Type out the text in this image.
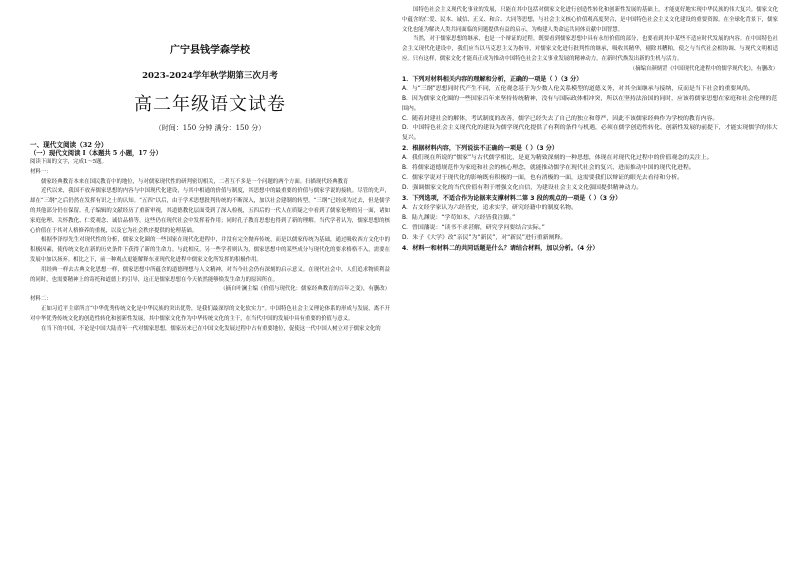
广宁县钱学森学校
2023-2024学年秋学期第三次月考
高二年级语文试卷
（时间：150 分钟 满分：150 分）
一、现代文阅读（32 分）
（一）现代文阅读 I（本题共 5 小题，17 分）

阅读下面的文字，完成1～5题。

材料一：

儒家经典教育本来在国民教育中的地位，与对儒家现代性的研判密切相关，二者互不多是一个问题的两个方面。扫描现代经典教育

近代以来，我国不放弃儒家思想的内容与中国现代化建设，与其中相通的价值与制度，其思想中的最重要的价值与儒家学说的接轨。尽管的先声，却在“三纲”之后仍然在发挥有识之士的认知。“五四”以后，由于学术思想批判传统的不断深入，加以社会建制的转型，“三纲”已经成为过去，但是儒学的其他部分仍在保留。孔子编辑的文献经历了重新审视，其道德教化层面受到了深入检视，五四后的一代人在质疑之中看到了儒家伦理的另一面，诸如家庭伦理、关怀教化、仁爱观念、诚信品格等，这些仍在现代社会中发挥着作用；同时孔子教育思想也得到了新的理解。当代学者认为，儒家思想的核心价值在于其对人格修养的重视，以及它为社会秩序提供的伦理基础。

根据李泽厚先生对现代性的分析，儒家文化圈的一些国家在现代化进程中，并没有完全抛弃传统，而是以儒家传统为基础，通过吸收西方文化中的积极因素，使传统文化在新的历史条件下获得了新的生命力。与此相反，另一些学者则认为，儒家思想中的某些成分与现代化的要求格格不入，需要在发展中加以扬弃。相比之下，前一种观点更能解释东亚现代化进程中儒家文化所发挥的积极作用。

用经典一样去古典文化思想一样，儒家思想中所蕴含的道德理想与人文精神，对当今社会仍有深刻的启示意义。在现代社会中，人们追求物质利益的同时，也需要精神上的寄托和道德上的引导，这正是儒家思想在今天依然能够焕发生命力的原因所在。

（摘自叶澜主编《价值与现代化：儒家经典教育的百年之变》，有删改）

材料二：

正如习近平主席所言“中华优秀传统文化是中华民族的突出优势，是我们最深厚的文化软实力”。中国特色社会主义理论体系的形成与发展，离不开对中华优秀传统文化的创造性转化和创新性发展，其中儒家文化作为中华传统文化的主干，在当代中国的发展中具有重要的价值与意义。

在当下的中国，不论是中国大陆青年一代对儒家思想，儒家历来已在中国文化发展过程中占有重要地位，促使这一代中国人树立对于儒家文化的

国特色社会主义现代化事业的发展，只能在其中包括对儒家文化进行创造性转化和创新性发展的基础上，才能更好地实现中华民族的伟大复兴。儒家文化中蕴含的仁爱、民本、诚信、正义、和合、大同等思想，与社会主义核心价值观高度契合，是中国特色社会主义文化建设的重要资源。在全球化背景下，儒家文化也能为解决人类共同面临的问题提供有益的启示，为构建人类命运共同体贡献中国智慧。

当然，对于儒家思想的继承，也是一个辩证的过程。既要看到儒家思想中具有永恒价值的部分，也要看到其中某些不适应时代发展的内容。在中国特色社会主义现代化建设中，我们应当以马克思主义为指导，对儒家文化进行批判性的继承，吸收其精华，剔除其糟粕，使之与当代社会相协调、与现代文明相适应。只有这样，儒家文化才能真正成为推动中国特色社会主义事业发展的精神动力，在新时代焕发出新的生机与活力。

（摘编自颜炳罡《中国现代化进程中的儒学现代化》，有删改）

1．下列对材料相关内容的理解和分析，正确的一项是（ ）（3 分）

A．与“三纲”思想同时代产生不同，五伦观念基于为少数人伦关系模型的道德义务，对其全面继承与接纳，反而是当下社会的重要风尚。

B．因为儒家文化圈的一些国家百年来坚持传统精神，没有与国际政体相冲突，所以在坚持法治国的同时，应该将儒家思想在家庭和社会伦理的范围内。

C．随着封建社会的解体，考试制度的改善，儒学已经失去了自己的独立和尊严，因此不该儒家经典作为学校的教育内容。

D．中国特色社会主义现代化的建设为儒学现代化提供了有利的条件与机遇，必须在儒学创造性转化、创新性发展的前提下，才能实现儒学的伟大复兴。

2．根据材料内容，下列说法不正确的一项是（ ）（3 分）

A．我们现在所说的“儒家”与古代儒学相比，是更为精致深刻的一种思想，体现在对现代化过程中的价值观念的关注上。

B．将儒家道德规范作为家庭和社会的核心理念，就能推动儒学在现代社会的复兴，进而推动中国的现代化进程。

C．儒家学说对于现代化的影响既有积极的一面，也有消极的一面，这需要我们以辩证的眼光去看待和分析。

D．强调儒家文化的当代价值有利于增强文化自信，为建设社会主义文化强国提供精神动力。

3．下列选项，不适合作为论据来支撑材料二第 3 段的观点的一项是（ ）（3 分）

A．古文经学家认为六经皆史，追求实学，研究经籍中的制度名物。

B．陆九渊说：“学苟知本，六经皆我注脚。”

C．曾国藩说：“读书不求甚解，研究学问要结合实际。”

D．朱子《大学》改“亲民”为“新民”，对“新民”进行重新阐释。

4．材料一和材料二的共同话题是什么？请结合材料，加以分析。（4 分）
